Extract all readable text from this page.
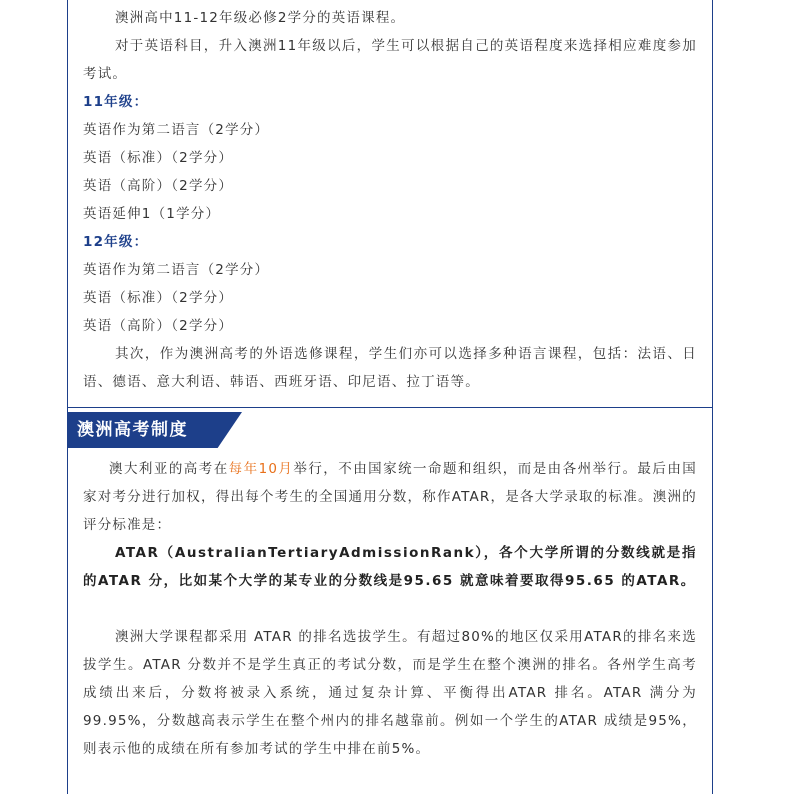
澳洲高中11-12年级必修2学分的英语课程。
对于英语科目，升入澳洲11年级以后，学生可以根据自己的英语程度来选择相应难度参加考试。
11年级：
英语作为第二语言（2学分）
英语（标准）（2学分）
英语（高阶）（2学分）
英语延伸1（1学分）
12年级：
英语作为第二语言（2学分）
英语（标准）（2学分）
英语（高阶）（2学分）
其次，作为澳洲高考的外语选修课程，学生们亦可以选择多种语言课程，包括：法语、日语、德语、意大利语、韩语、西班牙语、印尼语、拉丁语等。
澳洲高考制度
澳大利亚的高考在每年10月举行，不由国家统一命题和组织，而是由各州举行。最后由国家对考分进行加权，得出每个考生的全国通用分数，称作ATAR，是各大学录取的标准。澳洲的评分标准是：
ATAR（AustralianTertiaryAdmissionRank），各个大学所谓的分数线就是指的ATAR 分，比如某个大学的某专业的分数线是95.65 就意味着要取得95.65 的ATAR。
澳洲大学课程都采用 ATAR 的排名选拔学生。有超过80%的地区仅采用ATAR的排名来选拔学生。ATAR 分数并不是学生真正的考试分数，而是学生在整个澳洲的排名。各州学生高考成绩出来后，分数将被录入系统，通过复杂计算、平衡得出ATAR 排名。ATAR 满分为99.95%，分数越高表示学生在整个州内的排名越靠前。例如一个学生的ATAR 成绩是95%，则表示他的成绩在所有参加考试的学生中排在前5%。
